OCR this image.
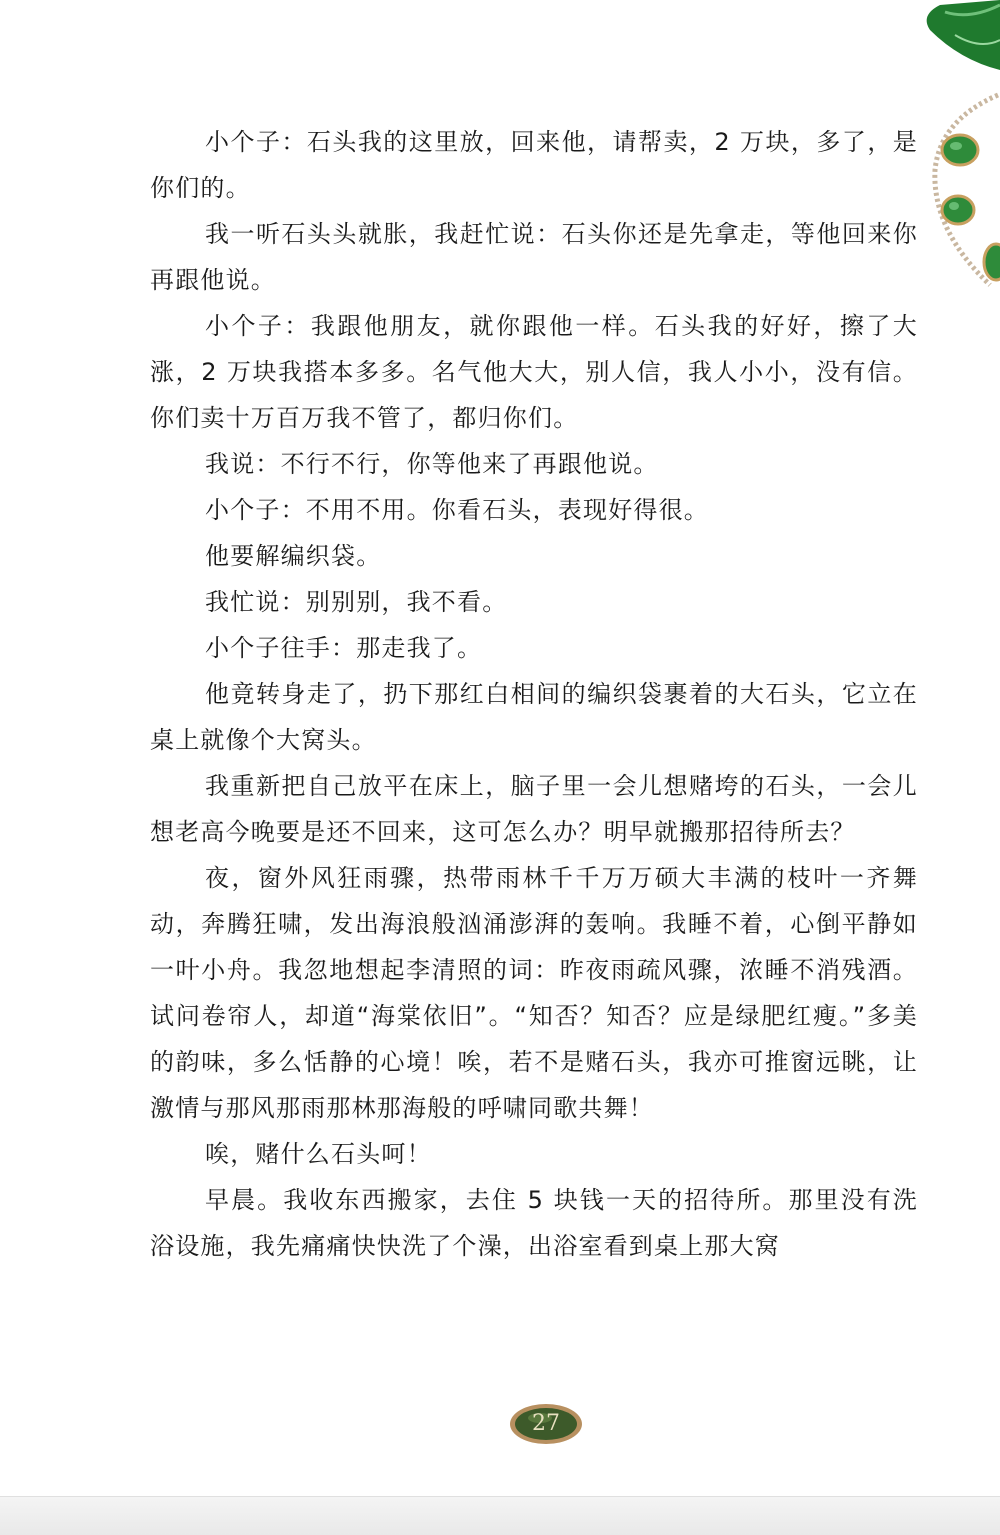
小个子：石头我的这里放，回来他，请帮卖，2 万块，多了，是你们的。

我一听石头头就胀，我赶忙说：石头你还是先拿走，等他回来你再跟他说。

小个子：我跟他朋友，就你跟他一样。石头我的好好，擦了大涨，2 万块我搭本多多。名气他大大，别人信，我人小小，没有信。你们卖十万百万我不管了，都归你们。

我说：不行不行，你等他来了再跟他说。

小个子：不用不用。你看石头，表现好得很。

他要解编织袋。

我忙说：别别别，我不看。

小个子往手：那走我了。

他竟转身走了，扔下那红白相间的编织袋裹着的大石头，它立在桌上就像个大窝头。

我重新把自己放平在床上，脑子里一会儿想赌垮的石头，一会儿想老高今晚要是还不回来，这可怎么办？明早就搬那招待所去？

夜，窗外风狂雨骤，热带雨林千千万万硕大丰满的枝叶一齐舞动，奔腾狂啸，发出海浪般汹涌澎湃的轰响。我睡不着，心倒平静如一叶小舟。我忽地想起李清照的词：昨夜雨疏风骤，浓睡不消残酒。试问卷帘人，却道“海棠依旧”。“知否？知否？应是绿肥红瘦。”多美的韵味，多么恬静的心境！唉，若不是赌石头，我亦可推窗远眺，让激情与那风那雨那林那海般的呼啸同歌共舞！

唉，赌什么石头呵！

早晨。我收东西搬家，去住 5 块钱一天的招待所。那里没有洗浴设施，我先痛痛快快洗了个澡，出浴室看到桌上那大窝

27
